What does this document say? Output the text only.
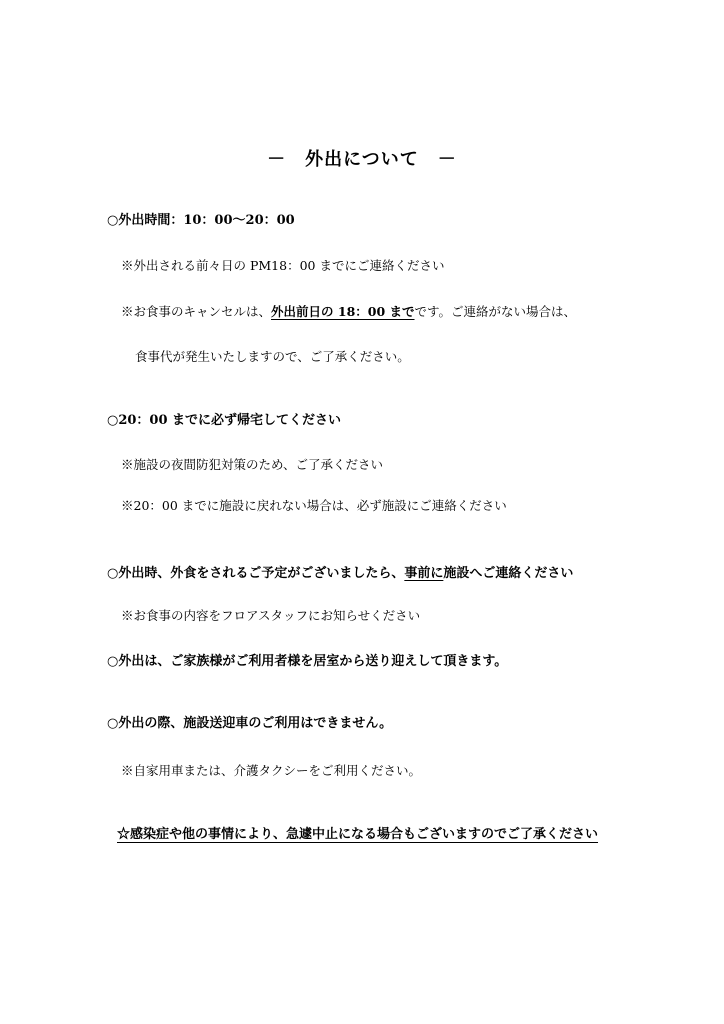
－　外出について　－
○外出時間：10：00～20：00
※外出される前々日の PM18：00 までにご連絡ください
※お食事のキャンセルは、外出前日の 18：00 までです。ご連絡がない場合は、
食事代が発生いたしますので、ご了承ください。
○20：00 までに必ず帰宅してください
※施設の夜間防犯対策のため、ご了承ください
※20：00 までに施設に戻れない場合は、必ず施設にご連絡ください
○外出時、外食をされるご予定がございましたら、事前に施設へご連絡ください
※お食事の内容をフロアスタッフにお知らせください
○外出は、ご家族様がご利用者様を居室から送り迎えして頂きます。
○外出の際、施設送迎車のご利用はできません。
※自家用車または、介護タクシーをご利用ください。
☆感染症や他の事情により、急遽中止になる場合もございますのでご了承ください
